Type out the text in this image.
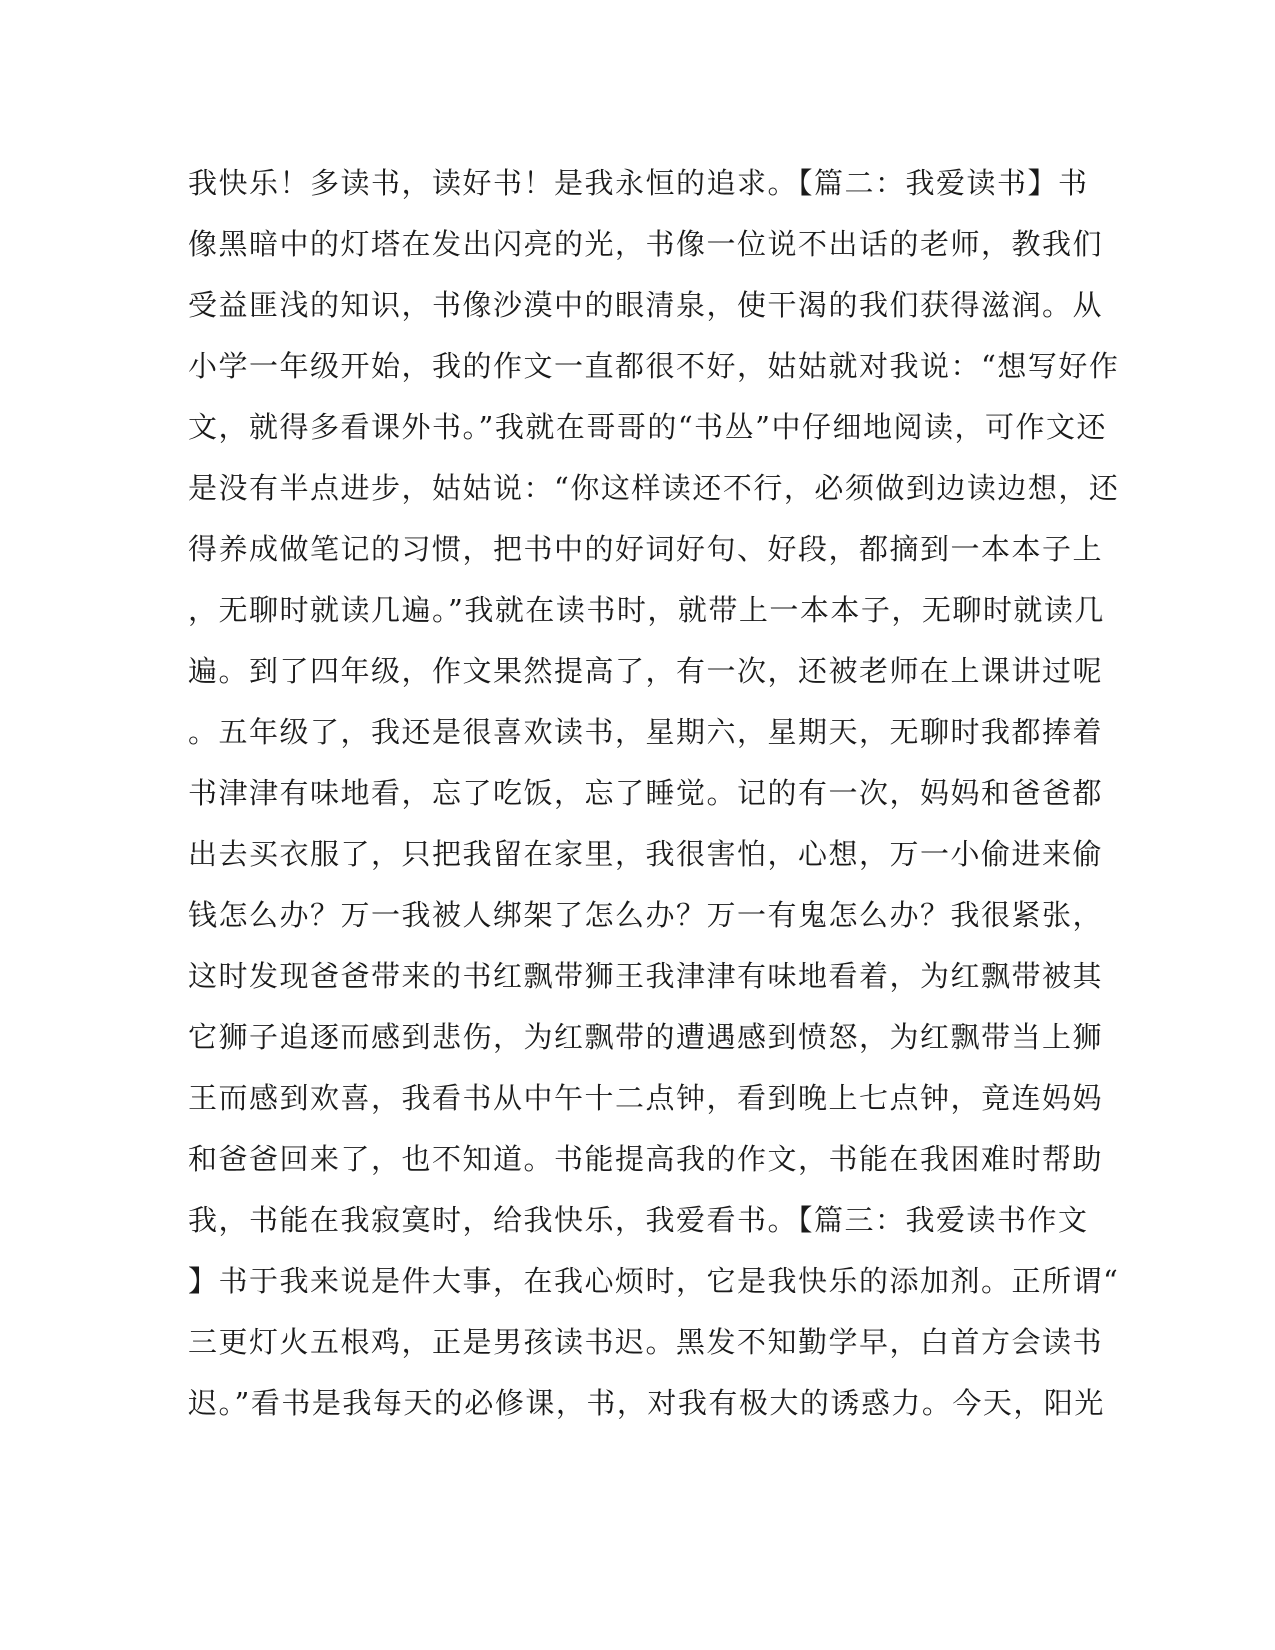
我快乐！多读书，读好书！是我永恒的追求。【篇二：我爱读书】书
像黑暗中的灯塔在发出闪亮的光，书像一位说不出话的老师，教我们
受益匪浅的知识，书像沙漠中的眼清泉，使干渴的我们获得滋润。从
小学一年级开始，我的作文一直都很不好，姑姑就对我说：“想写好作
文，就得多看课外书。”我就在哥哥的“书丛”中仔细地阅读，可作文还
是没有半点进步，姑姑说：“你这样读还不行，必须做到边读边想，还
得养成做笔记的习惯，把书中的好词好句、好段，都摘到一本本子上
，无聊时就读几遍。”我就在读书时，就带上一本本子，无聊时就读几
遍。到了四年级，作文果然提高了，有一次，还被老师在上课讲过呢
。五年级了，我还是很喜欢读书，星期六，星期天，无聊时我都捧着
书津津有味地看，忘了吃饭，忘了睡觉。记的有一次，妈妈和爸爸都
出去买衣服了，只把我留在家里，我很害怕，心想，万一小偷进来偷
钱怎么办？万一我被人绑架了怎么办？万一有鬼怎么办？我很紧张，
这时发现爸爸带来的书红飘带狮王我津津有味地看着，为红飘带被其
它狮子追逐而感到悲伤，为红飘带的遭遇感到愤怒，为红飘带当上狮
王而感到欢喜，我看书从中午十二点钟，看到晚上七点钟，竟连妈妈
和爸爸回来了，也不知道。书能提高我的作文，书能在我困难时帮助
我，书能在我寂寞时，给我快乐，我爱看书。【篇三：我爱读书作文
】书于我来说是件大事，在我心烦时，它是我快乐的添加剂。正所谓“
三更灯火五根鸡，正是男孩读书迟。黑发不知勤学早，白首方会读书
迟。”看书是我每天的必修课，书，对我有极大的诱惑力。今天，阳光
